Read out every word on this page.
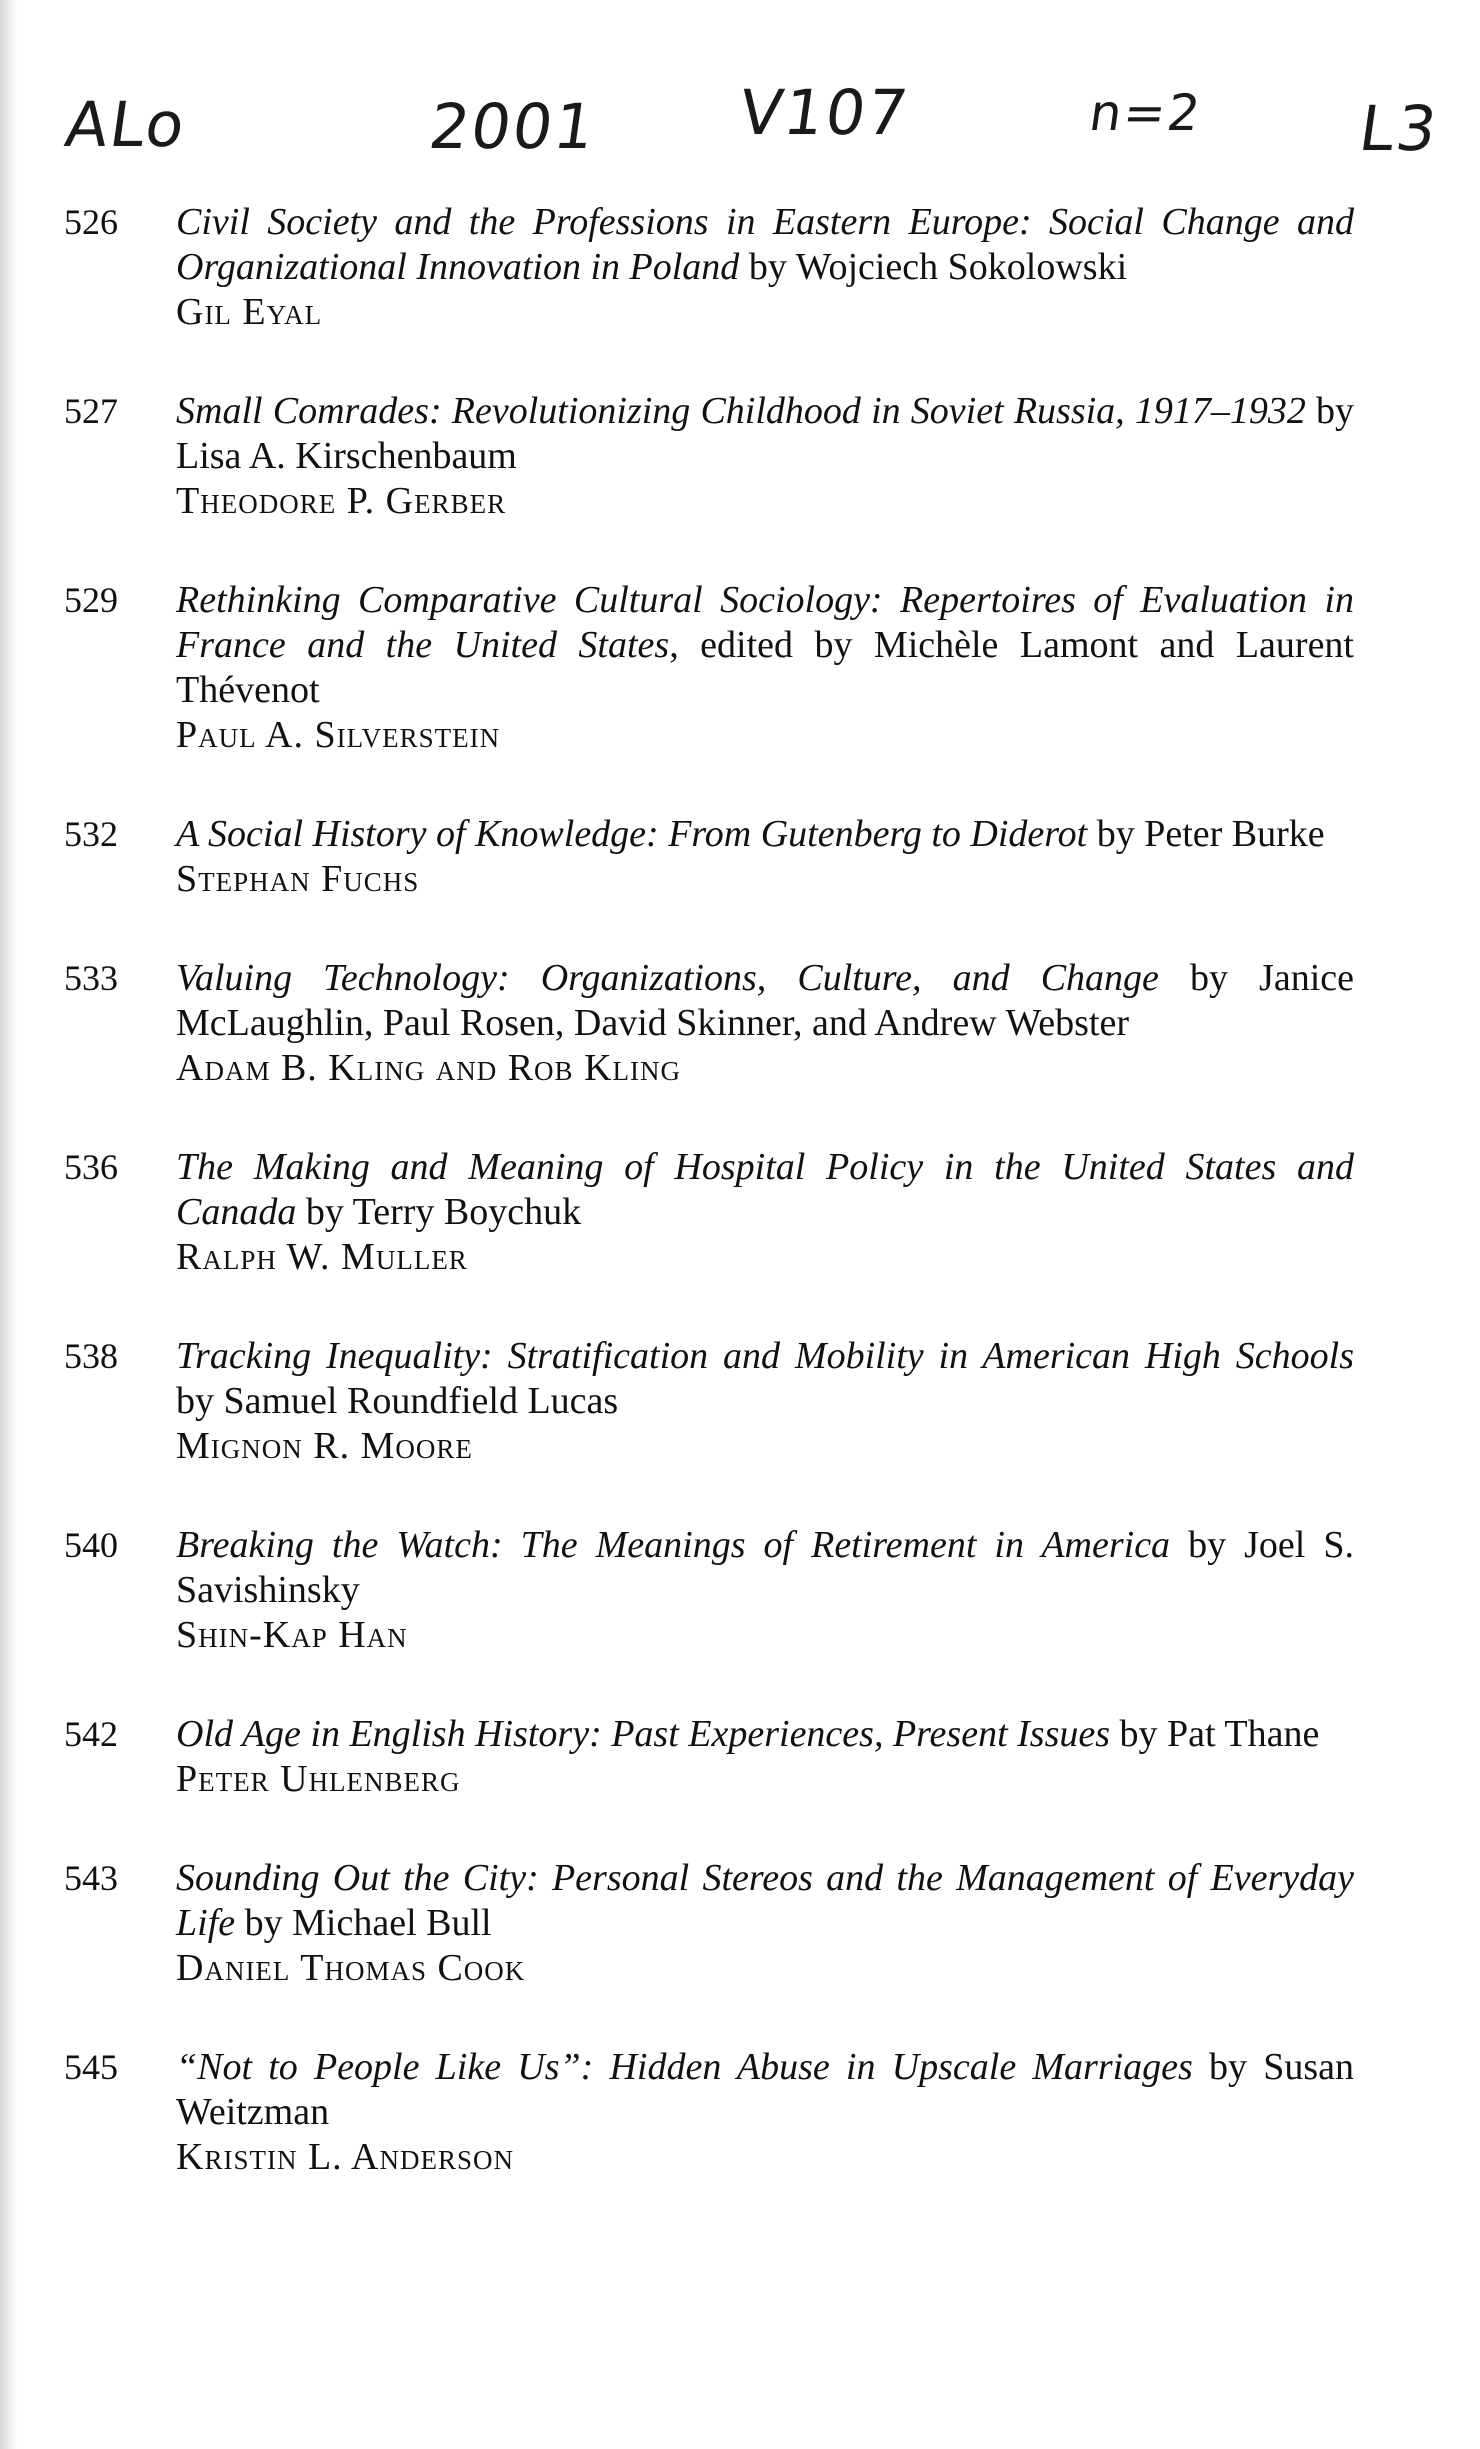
ALo	2001 V107	n=2 L3
526	Civil Society and the Professions in Eastern Europe: Social Change and Organizational Innovation in Poland by Wojciech Sokolowski
Gil Eyal
527	Small Comrades: Revolutionizing Childhood in Soviet Russia, 1917–1932 by Lisa A. Kirschenbaum
Theodore P. Gerber
529	Rethinking Comparative Cultural Sociology: Repertoires of Evaluation in France and the United States, edited by Michèle Lamont and Laurent Thévenot
Paul A. Silverstein
532	A Social History of Knowledge: From Gutenberg to Diderot by Peter Burke
Stephan Fuchs
533	Valuing Technology: Organizations, Culture, and Change by Janice McLaughlin, Paul Rosen, David Skinner, and Andrew Webster
Adam B. Kling and Rob Kling
536	The Making and Meaning of Hospital Policy in the United States and Canada by Terry Boychuk
Ralph W. Muller
538	Tracking Inequality: Stratification and Mobility in American High Schools by Samuel Roundfield Lucas
Mignon R. Moore
540	Breaking the Watch: The Meanings of Retirement in America by Joel S. Savishinsky
Shin-Kap Han
542	Old Age in English History: Past Experiences, Present Issues by Pat Thane
Peter Uhlenberg
543	Sounding Out the City: Personal Stereos and the Management of Everyday Life by Michael Bull
Daniel Thomas Cook
545	“Not to People Like Us”: Hidden Abuse in Upscale Marriages by Susan Weitzman
Kristin L. Anderson
